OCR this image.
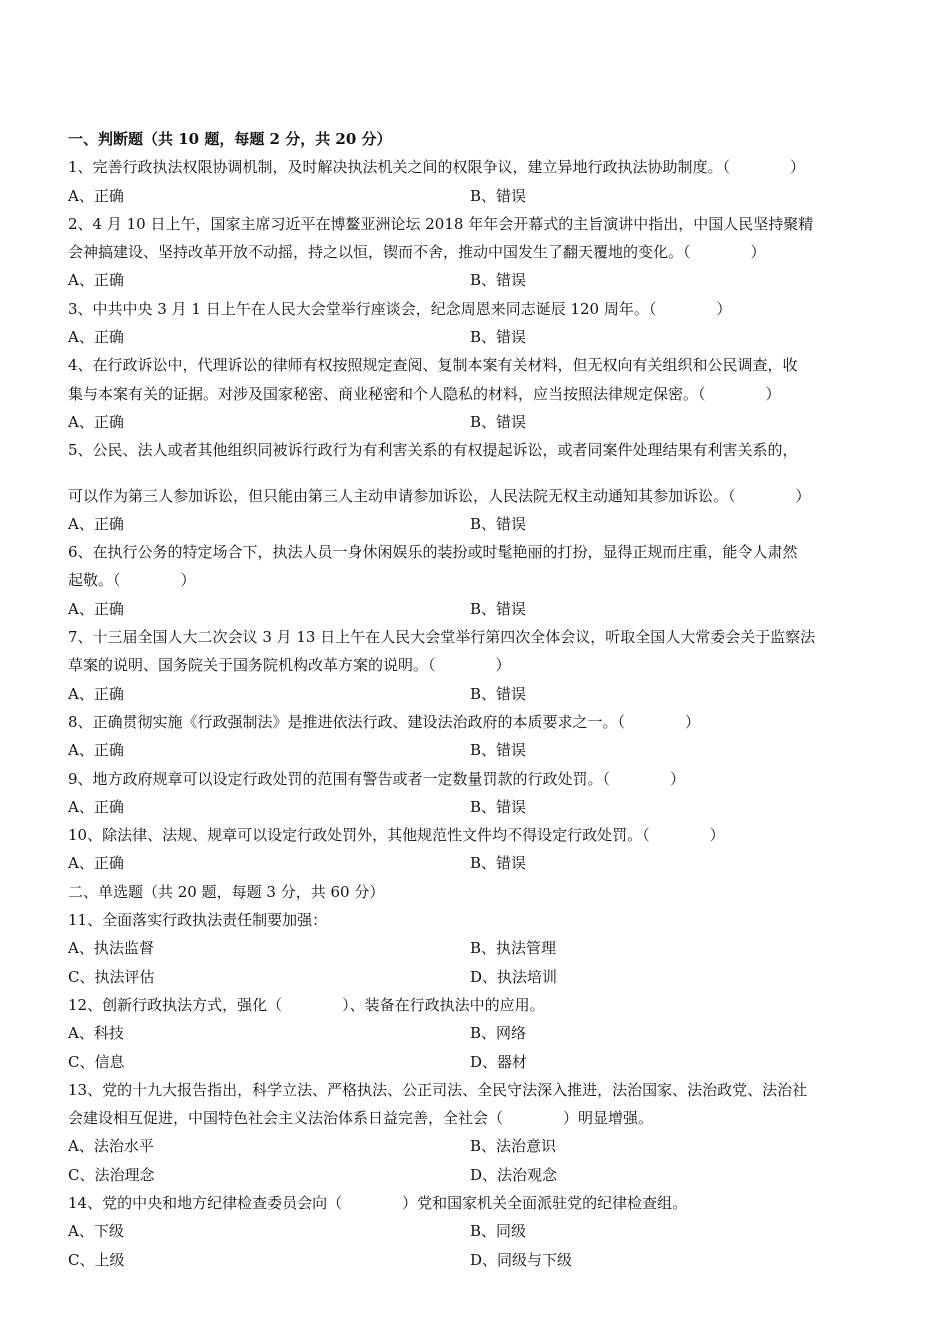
一、判断题（共 10 题，每题 2 分，共 20 分）

1、完善行政执法权限协调机制，及时解决执法机关之间的权限争议，建立异地行政执法协助制度。（　　　　）

A、正确	B、错误

2、4 月 10 日上午，国家主席习近平在博鳌亚洲论坛 2018 年年会开幕式的主旨演讲中指出，中国人民坚持聚精

会神搞建设、坚持改革开放不动摇，持之以恒，锲而不舍，推动中国发生了翻天覆地的变化。（　　　　）

A、正确	B、错误

3、中共中央 3 月 1 日上午在人民大会堂举行座谈会，纪念周恩来同志诞辰 120 周年。（　　　　）

A、正确	B、错误

4、在行政诉讼中，代理诉讼的律师有权按照规定查阅、复制本案有关材料，但无权向有关组织和公民调查，收

集与本案有关的证据。对涉及国家秘密、商业秘密和个人隐私的材料，应当按照法律规定保密。（　　　　）

A、正确	B、错误

5、公民、法人或者其他组织同被诉行政行为有利害关系的有权提起诉讼，或者同案件处理结果有利害关系的，

可以作为第三人参加诉讼，但只能由第三人主动申请参加诉讼，人民法院无权主动通知其参加诉讼。（　　　　）

A、正确	B、错误

6、在执行公务的特定场合下，执法人员一身休闲娱乐的装扮或时髦艳丽的打扮，显得正规而庄重，能令人肃然

起敬。（　　　　）

A、正确	B、错误

7、十三届全国人大二次会议 3 月 13 日上午在人民大会堂举行第四次全体会议，听取全国人大常委会关于监察法

草案的说明、国务院关于国务院机构改革方案的说明。（　　　　）

A、正确	B、错误

8、正确贯彻实施《行政强制法》是推进依法行政、建设法治政府的本质要求之一。（　　　　）

A、正确	B、错误

9、地方政府规章可以设定行政处罚的范围有警告或者一定数量罚款的行政处罚。（　　　　）

A、正确	B、错误

10、除法律、法规、规章可以设定行政处罚外，其他规范性文件均不得设定行政处罚。（　　　　）

A、正确	B、错误

二、单选题（共 20 题，每题 3 分，共 60 分）

11、全面落实行政执法责任制要加强：

A、执法监督	B、执法管理
C、执法评估	D、执法培训

12、创新行政执法方式，强化（　　　　）、装备在行政执法中的应用。

A、科技	B、网络
C、信息	D、器材

13、党的十九大报告指出，科学立法、严格执法、公正司法、全民守法深入推进，法治国家、法治政党、法治社

会建设相互促进，中国特色社会主义法治体系日益完善，全社会（　　　　）明显增强。

A、法治水平	B、法治意识
C、法治理念	D、法治观念

14、党的中央和地方纪律检查委员会向（　　　　）党和国家机关全面派驻党的纪律检查组。

A、下级	B、同级
C、上级	D、同级与下级
